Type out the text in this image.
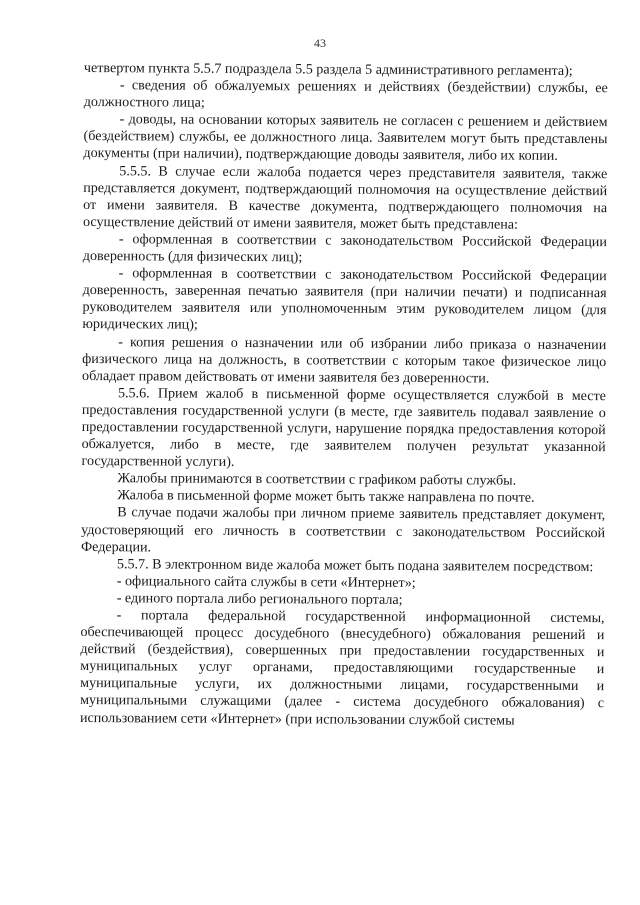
43

четвертом пункта 5.5.7 подраздела 5.5 раздела 5 административного регламента);

- сведения об обжалуемых решениях и действиях (бездействии) службы, ее должностного лица;

- доводы, на основании которых заявитель не согласен с решением и действием (бездействием) службы, ее должностного лица. Заявителем могут быть представлены документы (при наличии), подтверждающие доводы заявителя, либо их копии.

5.5.5. В случае если жалоба подается через представителя заявителя, также представляется документ, подтверждающий полномочия на осуществление действий от имени заявителя. В качестве документа, подтверждающего полномочия на осуществление действий от имени заявителя, может быть представлена:

- оформленная в соответствии с законодательством Российской Федерации доверенность (для физических лиц);

- оформленная в соответствии с законодательством Российской Федерации доверенность, заверенная печатью заявителя (при наличии печати) и подписанная руководителем заявителя или уполномоченным этим руководителем лицом (для юридических лиц);

- копия решения о назначении или об избрании либо приказа о назначении физического лица на должность, в соответствии с которым такое физическое лицо обладает правом действовать от имени заявителя без доверенности.

5.5.6. Прием жалоб в письменной форме осуществляется службой в месте предоставления государственной услуги (в месте, где заявитель подавал заявление о предоставлении государственной услуги, нарушение порядка предоставления которой обжалуется, либо в месте, где заявителем получен результат указанной государственной услуги).

Жалобы принимаются в соответствии с графиком работы службы.

Жалоба в письменной форме может быть также направлена по почте.

В случае подачи жалобы при личном приеме заявитель представляет документ, удостоверяющий его личность в соответствии с законодательством Российской Федерации.

5.5.7. В электронном виде жалоба может быть подана заявителем посредством:

- официального сайта службы в сети «Интернет»;

- единого портала либо регионального портала;

- портала федеральной государственной информационной системы, обеспечивающей процесс досудебного (внесудебного) обжалования решений и действий (бездействия), совершенных при предоставлении государственных и муниципальных услуг органами, предоставляющими государственные и муниципальные услуги, их должностными лицами, государственными и муниципальными служащими (далее - система досудебного обжалования) с использованием сети «Интернет» (при использовании службой системы
